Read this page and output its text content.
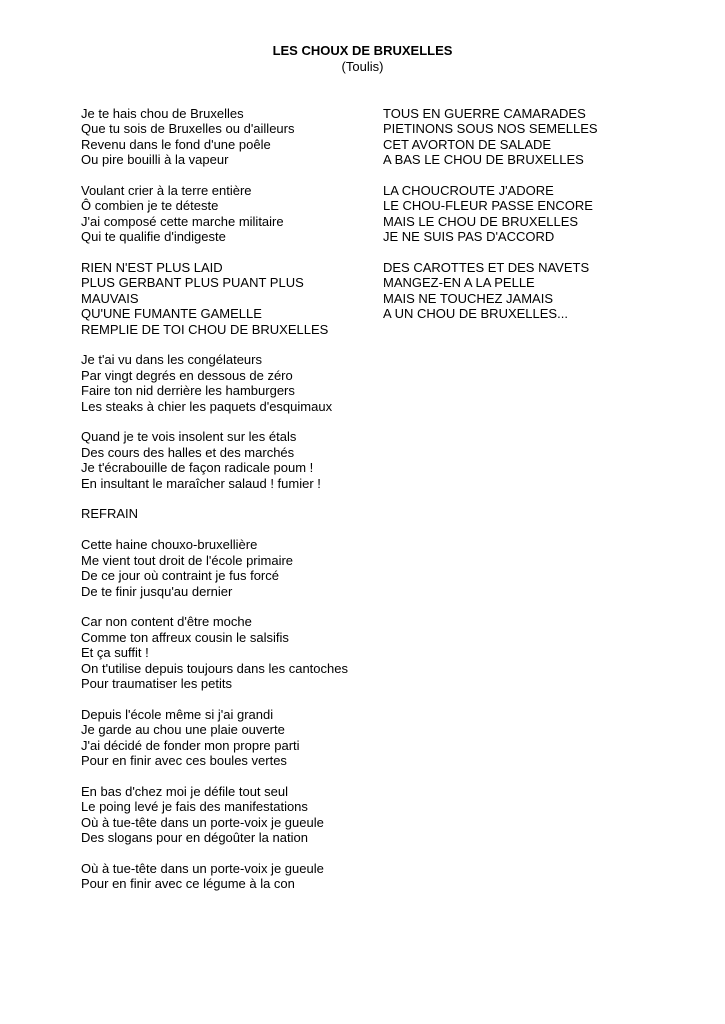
LES CHOUX DE BRUXELLES
(Toulis)
Je te hais chou de Bruxelles
Que tu sois de Bruxelles ou d'ailleurs
Revenu dans le fond d'une poêle
Ou pire bouilli à la vapeur
Voulant crier à la terre entière
Ô combien je te déteste
J'ai composé cette marche militaire
Qui te qualifie d'indigeste
RIEN N'EST PLUS LAID
PLUS GERBANT PLUS PUANT PLUS MAUVAIS
QU'UNE FUMANTE GAMELLE
REMPLIE DE TOI CHOU DE BRUXELLES
Je t'ai vu dans les congélateurs
Par vingt degrés en dessous de zéro
Faire ton nid derrière les hamburgers
Les steaks à chier les paquets d'esquimaux
Quand je te vois insolent sur les étals
Des cours des halles et des marchés
Je t'écrabouille de façon radicale poum !
En insultant le maraîcher salaud ! fumier !
REFRAIN
Cette haine chouxo-bruxellière
Me vient tout droit de l'école primaire
De ce jour où contraint je fus forcé
De te finir jusqu'au dernier
Car non content d'être moche
Comme ton affreux cousin le salsifis
Et ça suffit !
On t'utilise depuis toujours dans les cantoches
Pour traumatiser les petits
Depuis l'école même si j'ai grandi
Je garde au chou une plaie ouverte
J'ai décidé de fonder mon propre parti
Pour en finir avec ces boules vertes
En bas d'chez moi je défile tout seul
Le poing levé je fais des manifestations
Où à tue-tête dans un porte-voix je gueule
Des slogans pour en dégoûter la nation
Où à tue-tête dans un porte-voix je gueule
Pour en finir avec ce légume à la con
TOUS EN GUERRE CAMARADES
PIETINONS SOUS NOS SEMELLES
CET AVORTON DE SALADE
A BAS LE CHOU DE BRUXELLES
LA CHOUCROUTE J'ADORE
LE CHOU-FLEUR PASSE ENCORE
MAIS LE CHOU DE BRUXELLES
JE NE SUIS PAS D'ACCORD
DES CAROTTES ET DES NAVETS
MANGEZ-EN A LA PELLE
MAIS NE TOUCHEZ JAMAIS
A UN CHOU DE BRUXELLES...
